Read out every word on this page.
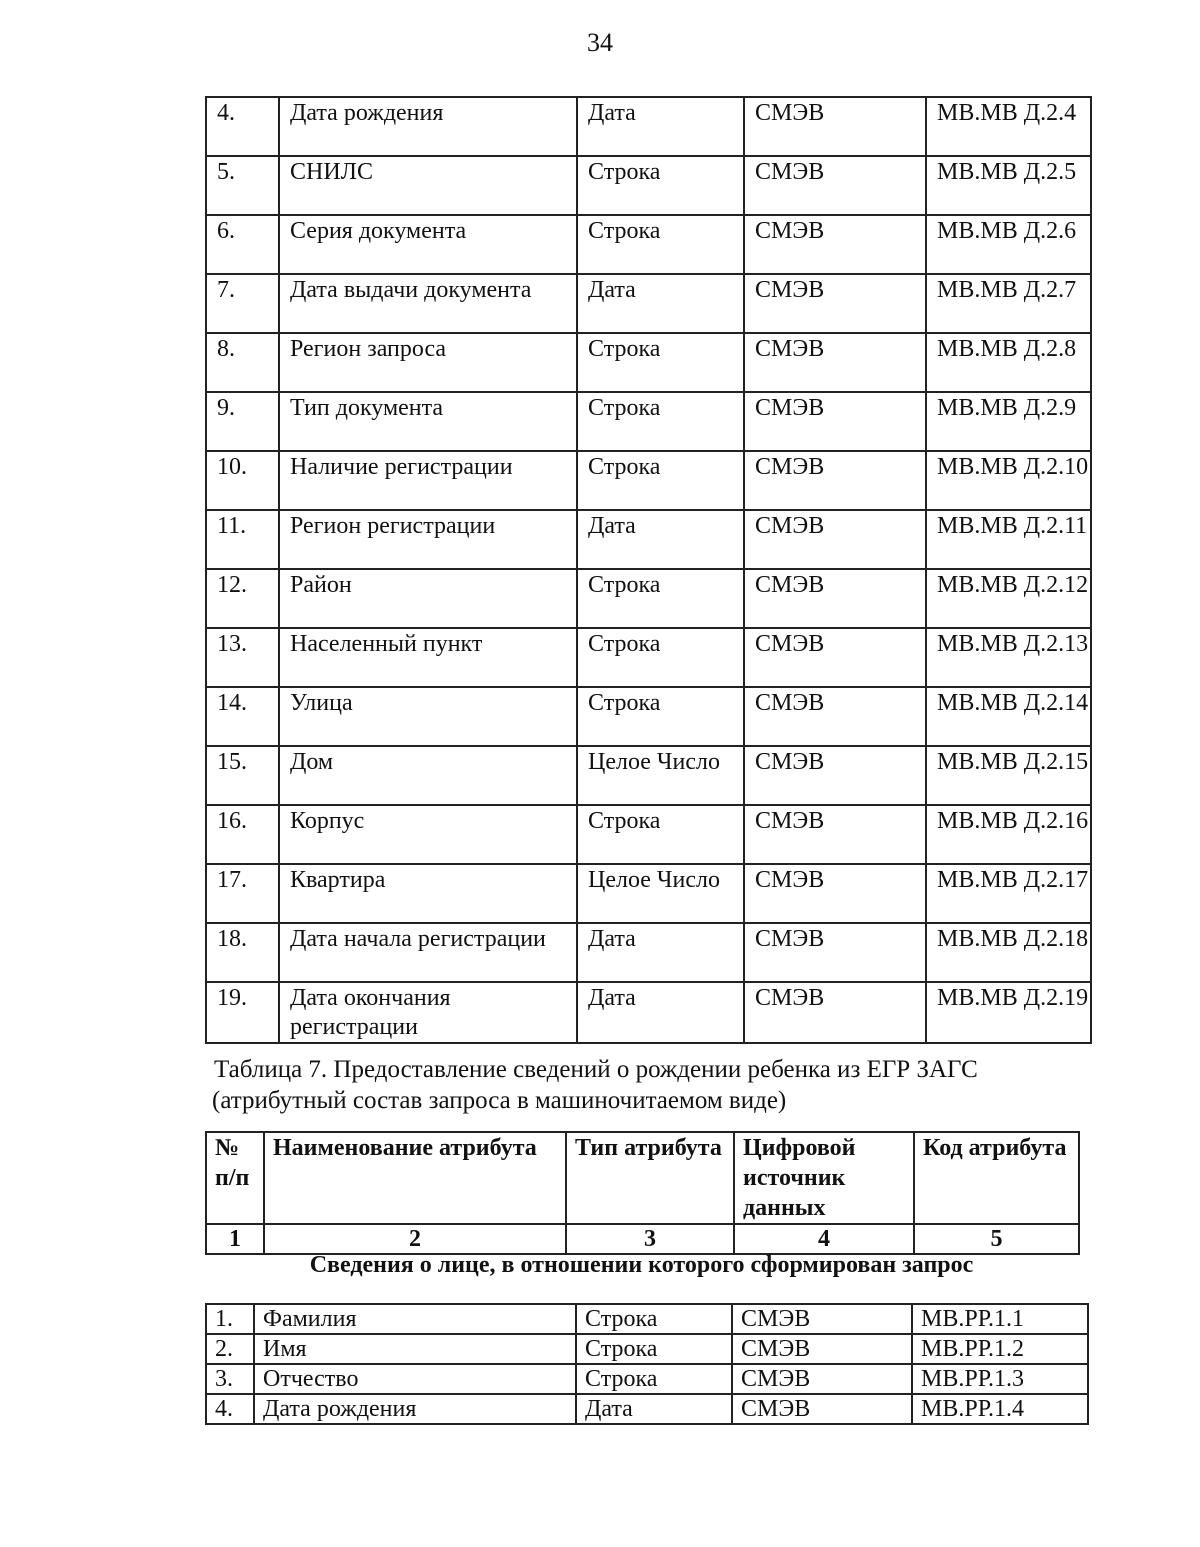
34
4.	Дата рождения	Дата	СМЭВ	МВ.МВ Д.2.4
5.	СНИЛС	Строка	СМЭВ	МВ.МВ Д.2.5
6.	Серия документа	Строка	СМЭВ	МВ.МВ Д.2.6
7.	Дата выдачи документа	Дата	СМЭВ	МВ.МВ Д.2.7
8.	Регион запроса	Строка	СМЭВ	МВ.МВ Д.2.8
9.	Тип документа	Строка	СМЭВ	МВ.МВ Д.2.9
10.	Наличие регистрации	Строка	СМЭВ	МВ.МВ Д.2.10
11.	Регион регистрации	Дата	СМЭВ	МВ.МВ Д.2.11
12.	Район	Строка	СМЭВ	МВ.МВ Д.2.12
13.	Населенный пункт	Строка	СМЭВ	МВ.МВ Д.2.13
14.	Улица	Строка	СМЭВ	МВ.МВ Д.2.14
15.	Дом	Целое Число	СМЭВ	МВ.МВ Д.2.15
16.	Корпус	Строка	СМЭВ	МВ.МВ Д.2.16
17.	Квартира	Целое Число	СМЭВ	МВ.МВ Д.2.17
18.	Дата начала регистрации	Дата	СМЭВ	МВ.МВ Д.2.18
19.	Дата окончания регистрации	Дата	СМЭВ	МВ.МВ Д.2.19
Таблица 7. Предоставление сведений о рождении ребенка из ЕГР ЗАГС
(атрибутный состав запроса в машиночитаемом виде)
№ п/п	Наименование атрибута	Тип атрибута	Цифровой источник данных	Код атрибута
1	2	3	4	5
Сведения о лице, в отношении которого сформирован запрос
1.	Фамилия	Строка	СМЭВ	МВ.РР.1.1
2.	Имя	Строка	СМЭВ	МВ.РР.1.2
3.	Отчество	Строка	СМЭВ	МВ.РР.1.3
4.	Дата рождения	Дата	СМЭВ	МВ.РР.1.4
